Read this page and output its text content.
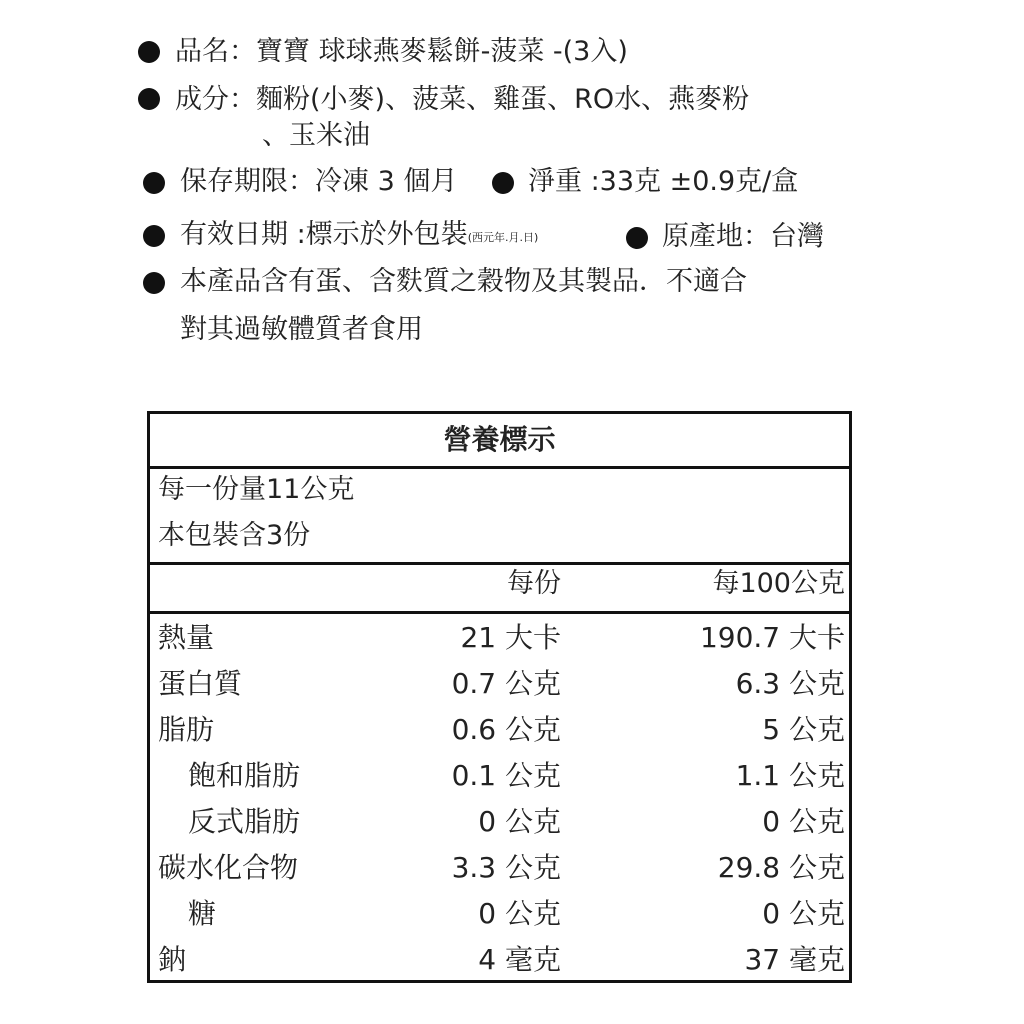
品名：寶寶 球球燕麥鬆餅-菠菜 -(3入)
成分：麵粉(小麥)、菠菜、雞蛋、RO水、燕麥粉
、玉米油
保存期限：冷凍 3 個月	淨重 :33克 ±0.9克/盒
有效日期 :標示於外包裝(西元年.月.日)	原產地：台灣
本產品含有蛋、含麩質之穀物及其製品．不適合
對其過敏體質者食用
營養標示
每一份量11公克
本包裝含3份
每份	每100公克
熱量	21 大卡	190.7 大卡
蛋白質	0.7 公克	6.3 公克
脂肪	0.6 公克	5 公克
飽和脂肪	0.1 公克	1.1 公克
反式脂肪	0 公克	0 公克
碳水化合物	3.3 公克	29.8 公克
糖	0 公克	0 公克
鈉	4 毫克	37 毫克
